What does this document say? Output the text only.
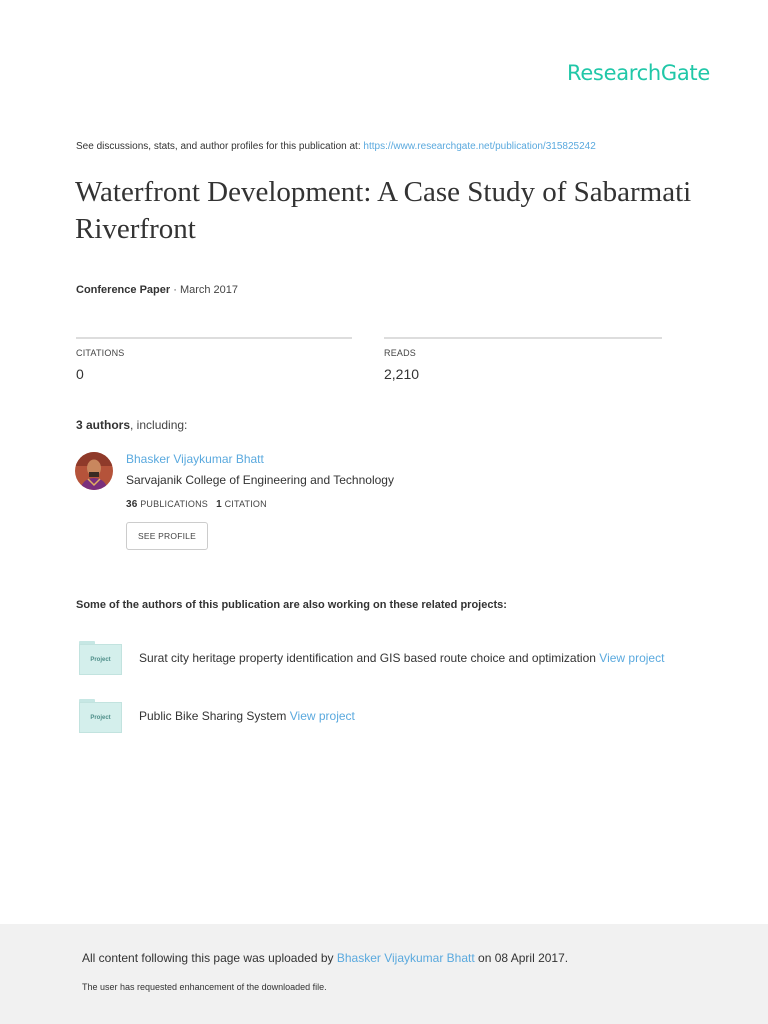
ResearchGate
See discussions, stats, and author profiles for this publication at: https://www.researchgate.net/publication/315825242
Waterfront Development: A Case Study of Sabarmati Riverfront
Conference Paper · March 2017
CITATIONS
0
READS
2,210
3 authors, including:
Bhasker Vijaykumar Bhatt
Sarvajanik College of Engineering and Technology
36 PUBLICATIONS 1 CITATION
SEE PROFILE
Some of the authors of this publication are also working on these related projects:
Project	Surat city heritage property identification and GIS based route choice and optimization View project
Project	Public Bike Sharing System View project
All content following this page was uploaded by Bhasker Vijaykumar Bhatt on 08 April 2017.
The user has requested enhancement of the downloaded file.
